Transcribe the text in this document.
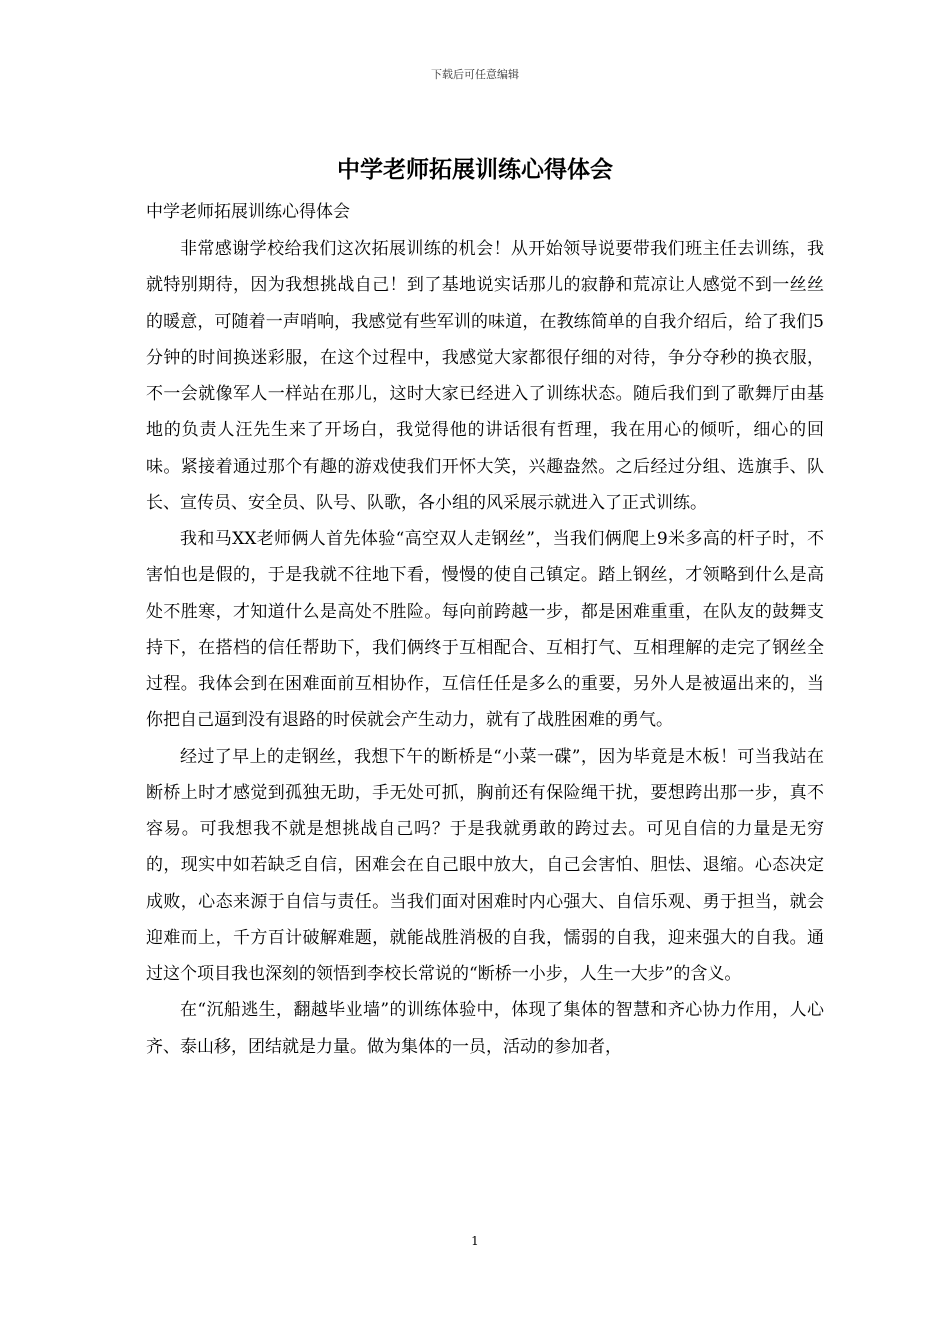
下载后可任意编辑
中学老师拓展训练心得体会
中学老师拓展训练心得体会

非常感谢学校给我们这次拓展训练的机会！从开始领导说要带我们班主任去训练，我就特别期待，因为我想挑战自己！到了基地说实话那儿的寂静和荒凉让人感觉不到一丝丝的暖意，可随着一声哨响，我感觉有些军训的味道，在教练简单的自我介绍后，给了我们5分钟的时间换迷彩服，在这个过程中，我感觉大家都很仔细的对待，争分夺秒的换衣服，不一会就像军人一样站在那儿，这时大家已经进入了训练状态。随后我们到了歌舞厅由基地的负责人汪先生来了开场白，我觉得他的讲话很有哲理，我在用心的倾听，细心的回味。紧接着通过那个有趣的游戏使我们开怀大笑，兴趣盎然。之后经过分组、选旗手、队长、宣传员、安全员、队号、队歌，各小组的风采展示就进入了正式训练。

我和马XX老师俩人首先体验“高空双人走钢丝”，当我们俩爬上9米多高的杆子时，不害怕也是假的，于是我就不往地下看，慢慢的使自己镇定。踏上钢丝，才领略到什么是高处不胜寒，才知道什么是高处不胜险。每向前跨越一步，都是困难重重，在队友的鼓舞支持下，在搭档的信任帮助下，我们俩终于互相配合、互相打气、互相理解的走完了钢丝全过程。我体会到在困难面前互相协作，互信任任是多么的重要，另外人是被逼出来的，当你把自己逼到没有退路的时侯就会产生动力，就有了战胜困难的勇气。

经过了早上的走钢丝，我想下午的断桥是“小菜一碟”，因为毕竟是木板！可当我站在断桥上时才感觉到孤独无助，手无处可抓，胸前还有保险绳干扰，要想跨出那一步，真不容易。可我想我不就是想挑战自己吗？于是我就勇敢的跨过去。可见自信的力量是无穷的，现实中如若缺乏自信，困难会在自己眼中放大，自己会害怕、胆怯、退缩。心态决定成败，心态来源于自信与责任。当我们面对困难时内心强大、自信乐观、勇于担当，就会迎难而上，千方百计破解难题，就能战胜消极的自我，懦弱的自我，迎来强大的自我。通过这个项目我也深刻的领悟到李校长常说的“断桥一小步，人生一大步”的含义。

在“沉船逃生，翻越毕业墙”的训练体验中，体现了集体的智慧和齐心协力作用，人心齐、泰山移，团结就是力量。做为集体的一员，活动的参加者，

1
